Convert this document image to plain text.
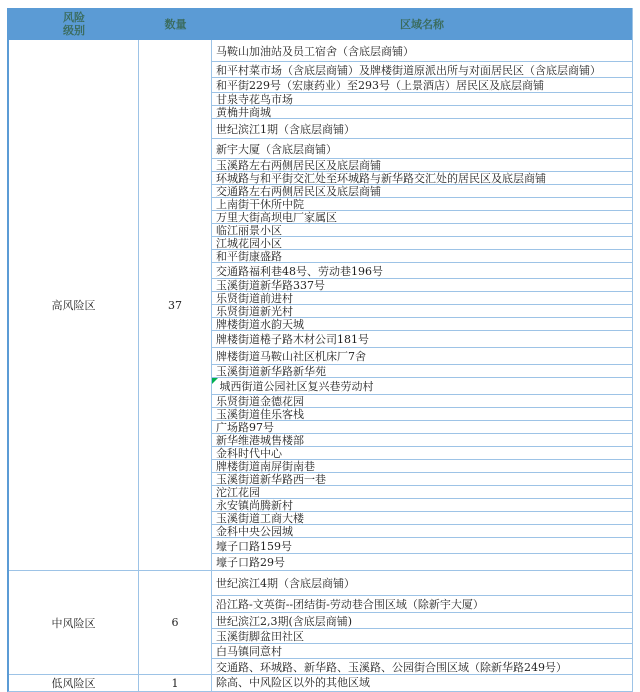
风险
级别	数量	区域名称
高风险区	37
马鞍山加油站及员工宿舍（含底层商铺）
和平村菜市场（含底层商铺）及牌楼街道原派出所与对面居民区（含底层商铺）
和平街229号（宏康药业）至293号（上景酒店）居民区及底层商铺
甘泉寺花鸟市场
黄桷井商城
世纪滨江1期（含底层商铺）
新宇大厦（含底层商铺）
玉溪路左右两侧居民区及底层商铺
环城路与和平街交汇处至环城路与新华路交汇处的居民区及底层商铺
交通路左右两侧居民区及底层商铺
上南街干休所中院
万里大街高坝电厂家属区
临江丽景小区
江城花园小区
和平街康盛路
交通路福利巷48号、劳动巷196号
玉溪街道新华路337号
乐贤街道前进村
乐贤街道新光村
牌楼街道水韵天城
牌楼街道棬子路木材公司181号
牌楼街道马鞍山社区机床厂7舍
玉溪街道新华路新华苑
城西街道公园社区复兴巷劳动村
乐贤街道金德花园
玉溪街道佳乐客栈
广场路97号
新华维港城售楼部
金科时代中心
牌楼街道南屏街南巷
玉溪街道新华路西一巷
沱江花园
永安镇尚腾新村
玉溪街道工商大楼
金科中央公园城
壕子口路159号
壕子口路29号
中风险区	6
世纪滨江4期（含底层商铺）
沿江路-文英街--团结街-劳动巷合围区域（除新宇大厦）
世纪滨江2,3期(含底层商铺)
玉溪街脚盆田社区
白马镇同意村
交通路、环城路、新华路、玉溪路、公园街合围区域（除新华路249号）
低风险区	1	除高、中风险区以外的其他区域
